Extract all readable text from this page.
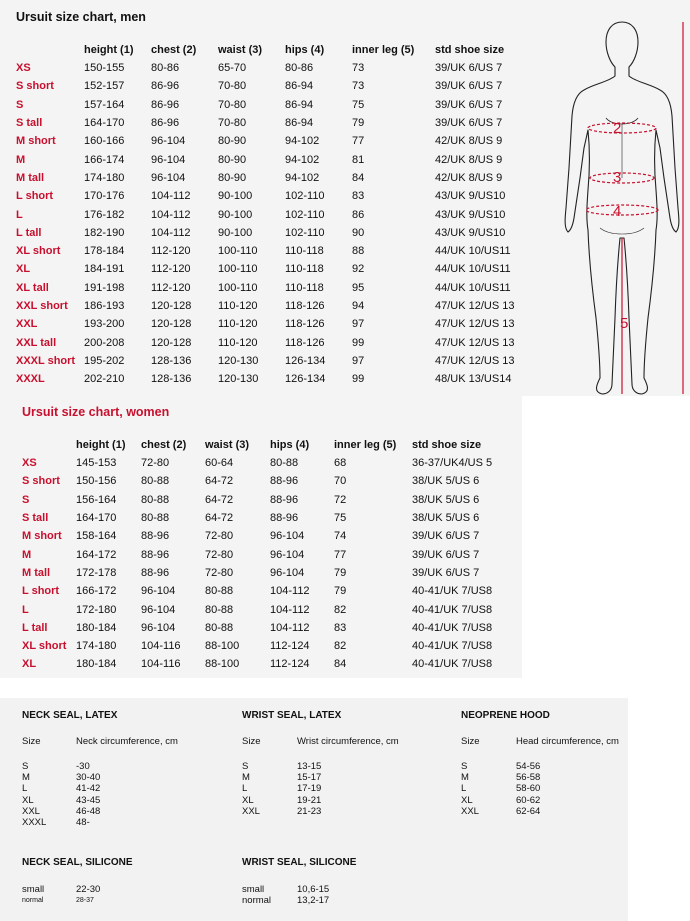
Ursuit size chart, men
	height (1)	chest (2)	waist (3)	hips (4)	inner leg (5)	std shoe size
XS	150-155	80-86	65-70	80-86	73	39/UK 6/US 7
S short	152-157	86-96	70-80	86-94	73	39/UK 6/US 7
S	157-164	86-96	70-80	86-94	75	39/UK 6/US 7
S tall	164-170	86-96	70-80	86-94	79	39/UK 6/US 7
M short	160-166	96-104	80-90	94-102	77	42/UK 8/US 9
M	166-174	96-104	80-90	94-102	81	42/UK 8/US 9
M tall	174-180	96-104	80-90	94-102	84	42/UK 8/US 9
L short	170-176	104-112	90-100	102-110	83	43/UK 9/US10
L	176-182	104-112	90-100	102-110	86	43/UK 9/US10
L tall	182-190	104-112	90-100	102-110	90	43/UK 9/US10
XL short	178-184	112-120	100-110	110-118	88	44/UK 10/US11
XL	184-191	112-120	100-110	110-118	92	44/UK 10/US11
XL tall	191-198	112-120	100-110	110-118	95	44/UK 10/US11
XXL short	186-193	120-128	110-120	118-126	94	47/UK 12/US 13
XXL	193-200	120-128	110-120	118-126	97	47/UK 12/US 13
XXL tall	200-208	120-128	110-120	118-126	99	47/UK 12/US 13
XXXL short	195-202	128-136	120-130	126-134	97	47/UK 12/US 13
XXXL	202-210	128-136	120-130	126-134	99	48/UK 13/US14
2
3
4
5
Ursuit size chart, women
	height (1)	chest (2)	waist (3)	hips (4)	inner leg (5)	std shoe size
XS	145-153	72-80	60-64	80-88	68	36-37/UK4/US 5
S short	150-156	80-88	64-72	88-96	70	38/UK 5/US 6
S	156-164	80-88	64-72	88-96	72	38/UK 5/US 6
S tall	164-170	80-88	64-72	88-96	75	38/UK 5/US 6
M short	158-164	88-96	72-80	96-104	74	39/UK 6/US 7
M	164-172	88-96	72-80	96-104	77	39/UK 6/US 7
M tall	172-178	88-96	72-80	96-104	79	39/UK 6/US 7
L short	166-172	96-104	80-88	104-112	79	40-41/UK 7/US8
L	172-180	96-104	80-88	104-112	82	40-41/UK 7/US8
L tall	180-184	96-104	80-88	104-112	83	40-41/UK 7/US8
XL short	174-180	104-116	88-100	112-124	82	40-41/UK 7/US8
XL	180-184	104-116	88-100	112-124	84	40-41/UK 7/US8
NECK SEAL, LATEX
Size	Neck circumference, cm
S	-30
M	30-40
L	41-42
XL	43-45
XXL	46-48
XXXL	48-
WRIST SEAL, LATEX
Size	Wrist circumference, cm
S	13-15
M	15-17
L	17-19
XL	19-21
XXL	21-23
NEOPRENE HOOD
Size	Head circumference, cm
S	54-56
M	56-58
L	58-60
XL	60-62
XXL	62-64
NECK SEAL, SILICONE
small	22-30
normal	28-37
WRIST SEAL, SILICONE
small	10,6-15
normal	13,2-17
